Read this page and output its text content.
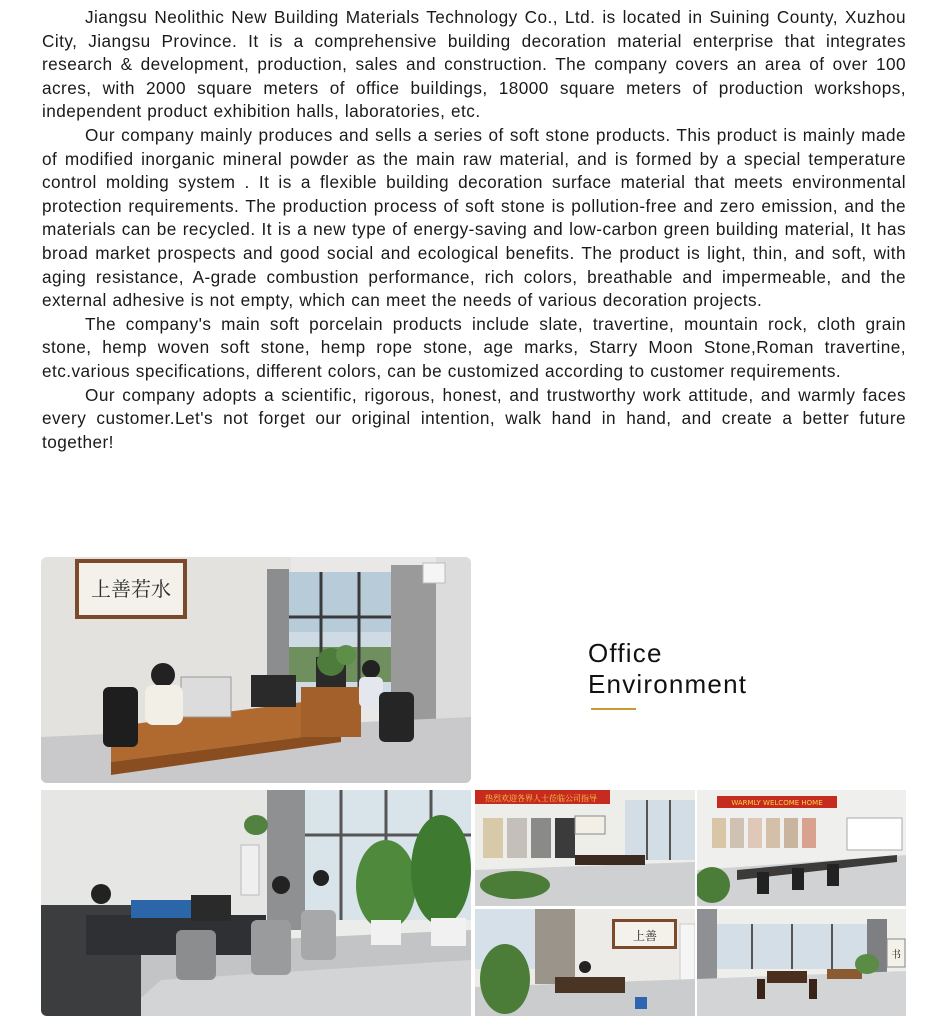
Jiangsu Neolithic New Building Materials Technology Co., Ltd. is located in Suining County, Xuzhou City, Jiangsu Province. It is a comprehensive building decoration material enterprise that integrates research & development, production, sales and construction. The company covers an area of over 100 acres, with 2000 square meters of office buildings, 18000 square meters of production workshops, independent product exhibition halls, laboratories, etc.

Our company mainly produces and sells a series of soft stone products. This product is mainly made of modified inorganic mineral powder as the main raw material, and is formed by a special temperature control molding system . It is a flexible building decoration surface material that meets environmental protection requirements. The production process of soft stone is pollution-free and zero emission, and the materials can be recycled. It is a new type of energy-saving and low-carbon green building material, It has broad market prospects and good social and ecological benefits. The product is light, thin, and soft, with aging resistance, A-grade combustion performance, rich colors, breathable and impermeable, and the external adhesive is not empty, which can meet the needs of various decoration projects.

The company's main soft porcelain products include slate, travertine, mountain rock, cloth grain stone, hemp woven soft stone, hemp rope stone, age marks, Starry Moon Stone,Roman travertine, etc.various specifications, different colors, can be customized according to customer requirements.

Our company adopts a scientific, rigorous, honest, and trustworthy work attitude, and warmly faces every customer.Let's not forget our original intention, walk hand in hand, and create a better future together!

上善若水
Office
Environment
热烈欢迎各界人士莅临公司指导	WARMLY WELCOME HOME
上善
书
